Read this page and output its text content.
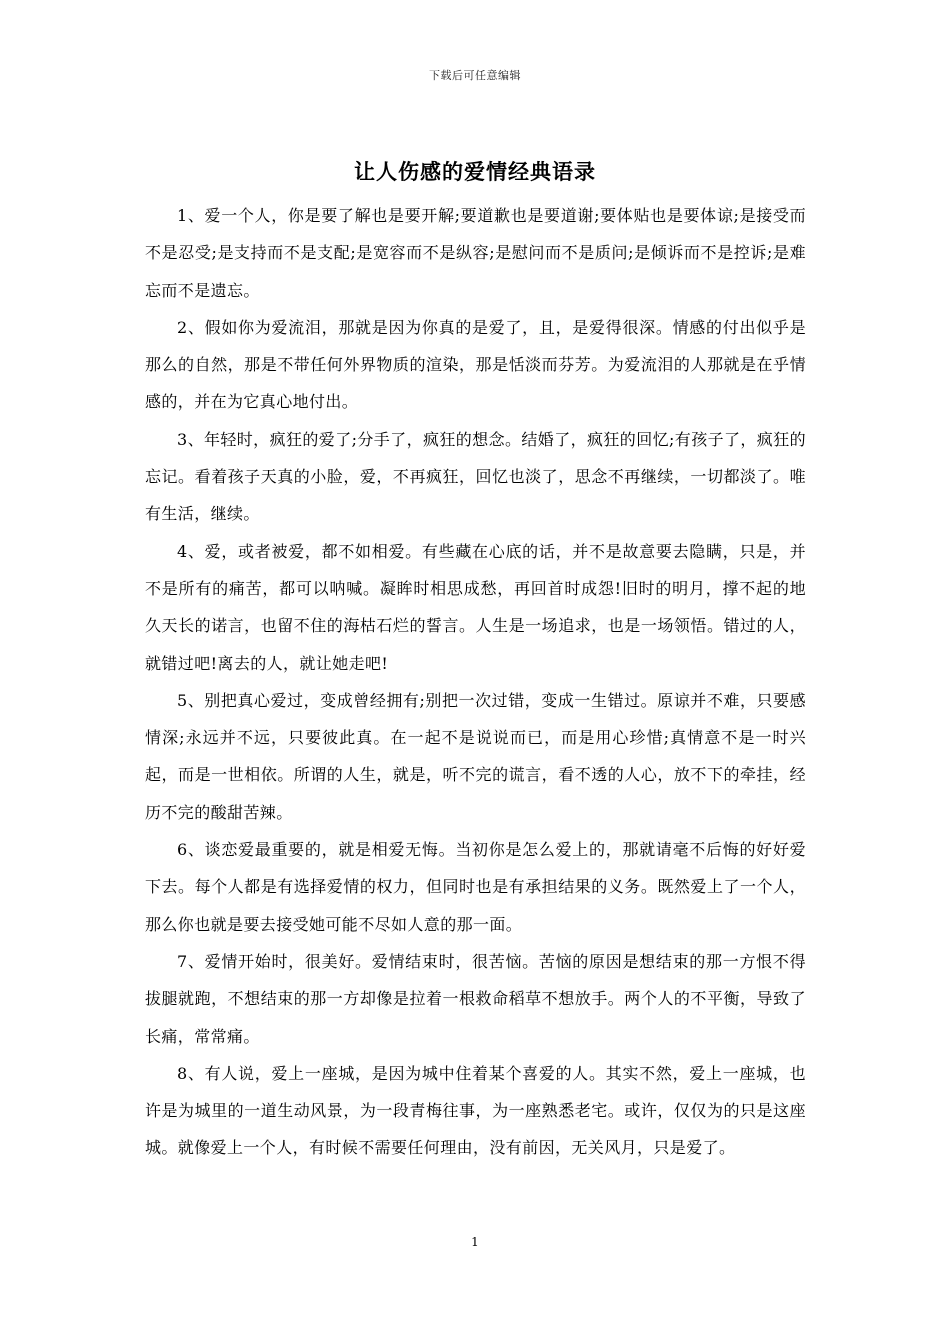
下载后可任意编辑
让人伤感的爱情经典语录

1、爱一个人，你是要了解也是要开解;要道歉也是要道谢;要体贴也是要体谅;是接受而不是忍受;是支持而不是支配;是宽容而不是纵容;是慰问而不是质问;是倾诉而不是控诉;是难忘而不是遗忘。

2、假如你为爱流泪，那就是因为你真的是爱了，且，是爱得很深。情感的付出似乎是那么的自然，那是不带任何外界物质的渲染，那是恬淡而芬芳。为爱流泪的人那就是在乎情感的，并在为它真心地付出。

3、年轻时，疯狂的爱了;分手了，疯狂的想念。结婚了，疯狂的回忆;有孩子了，疯狂的忘记。看着孩子天真的小脸，爱，不再疯狂，回忆也淡了，思念不再继续，一切都淡了。唯有生活，继续。

4、爱，或者被爱，都不如相爱。有些藏在心底的话，并不是故意要去隐瞒，只是，并不是所有的痛苦，都可以呐喊。凝眸时相思成愁，再回首时成怨!旧时的明月，撑不起的地久天长的诺言，也留不住的海枯石烂的誓言。人生是一场追求，也是一场领悟。错过的人，就错过吧!离去的人，就让她走吧!

5、别把真心爱过，变成曾经拥有;别把一次过错，变成一生错过。原谅并不难，只要感情深;永远并不远，只要彼此真。在一起不是说说而已，而是用心珍惜;真情意不是一时兴起，而是一世相依。所谓的人生，就是，听不完的谎言，看不透的人心，放不下的牵挂，经历不完的酸甜苦辣。

6、谈恋爱最重要的，就是相爱无悔。当初你是怎么爱上的，那就请毫不后悔的好好爱下去。每个人都是有选择爱情的权力，但同时也是有承担结果的义务。既然爱上了一个人，那么你也就是要去接受她可能不尽如人意的那一面。

7、爱情开始时，很美好。爱情结束时，很苦恼。苦恼的原因是想结束的那一方恨不得拔腿就跑，不想结束的那一方却像是拉着一根救命稻草不想放手。两个人的不平衡，导致了长痛，常常痛。

8、有人说，爱上一座城，是因为城中住着某个喜爱的人。其实不然，爱上一座城，也许是为城里的一道生动风景，为一段青梅往事，为一座熟悉老宅。或许，仅仅为的只是这座城。就像爱上一个人，有时候不需要任何理由，没有前因，无关风月，只是爱了。

1
